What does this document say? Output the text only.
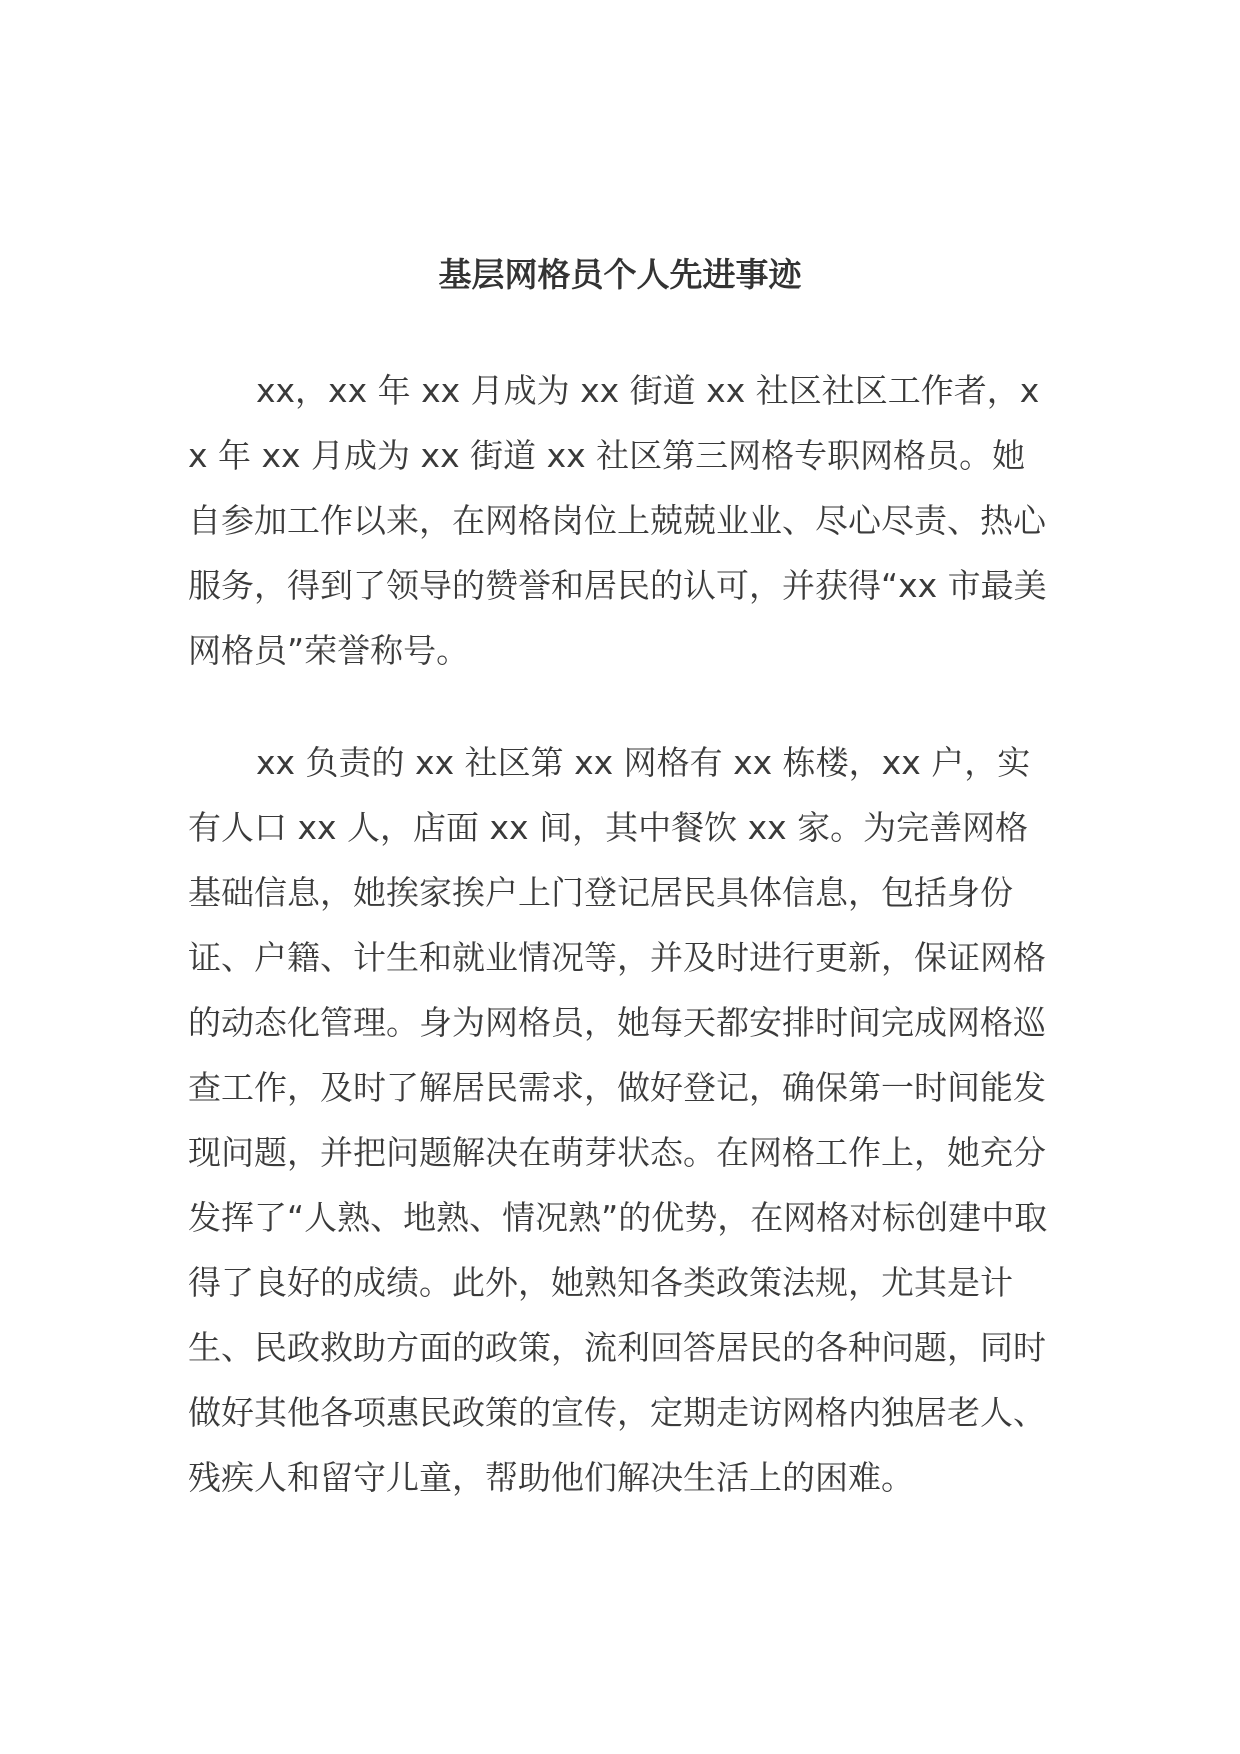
基层网格员个人先进事迹

xx，xx 年 xx 月成为 xx 街道 xx 社区社区工作者，xx 年 xx 月成为 xx 街道 xx 社区第三网格专职网格员。她自参加工作以来，在网格岗位上兢兢业业、尽心尽责、热心服务，得到了领导的赞誉和居民的认可，并获得“xx 市最美网格员”荣誉称号。

xx 负责的 xx 社区第 xx 网格有 xx 栋楼，xx 户，实有人口 xx 人，店面 xx 间，其中餐饮 xx 家。为完善网格基础信息，她挨家挨户上门登记居民具体信息，包括身份证、户籍、计生和就业情况等，并及时进行更新，保证网格的动态化管理。身为网格员，她每天都安排时间完成网格巡查工作，及时了解居民需求，做好登记，确保第一时间能发现问题，并把问题解决在萌芽状态。在网格工作上，她充分发挥了“人熟、地熟、情况熟”的优势，在网格对标创建中取得了良好的成绩。此外，她熟知各类政策法规，尤其是计生、民政救助方面的政策，流利回答居民的各种问题，同时做好其他各项惠民政策的宣传，定期走访网格内独居老人、残疾人和留守儿童，帮助他们解决生活上的困难。
